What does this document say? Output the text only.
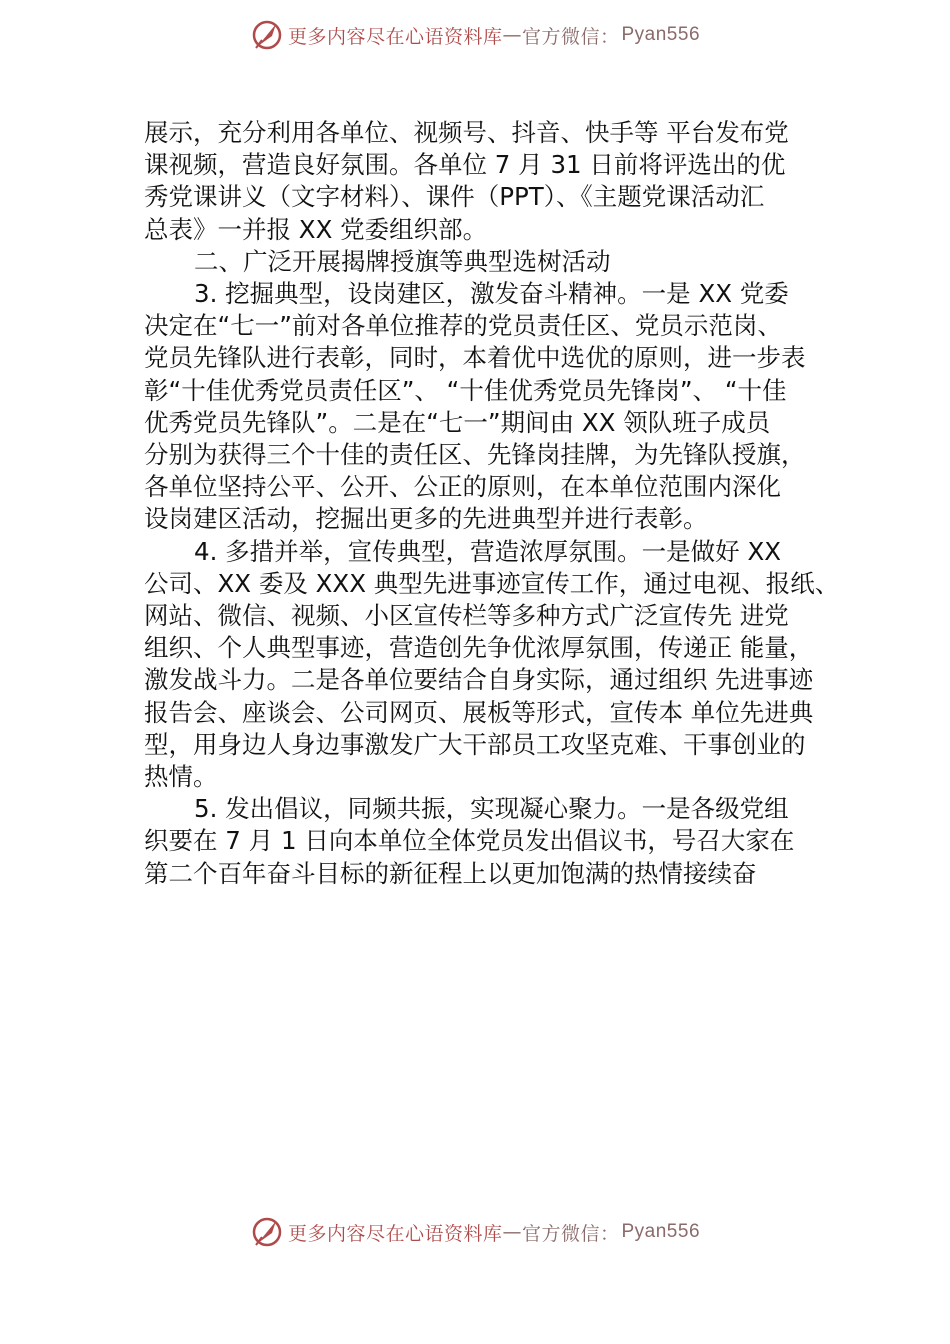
更多内容尽在心语资料库 — 官方微信： Pyan556

展示，充分利用各单位、视频号、抖音、快手等 平台发布党
课视频，营造良好氛围。各单位 7 月 31 日前将评选出的优
秀党课讲义（文字材料）、课件（PPT）、《主题党课活动汇
总表》一并报 XX 党委组织部。

二、广泛开展揭牌授旗等典型选树活动

3. 挖掘典型，设岗建区，激发奋斗精神。一是 XX 党委
决定在“七一”前对各单位推荐的党员责任区、党员示范岗、
党员先锋队进行表彰，同时，本着优中选优的原则，进一步表
彰“十佳优秀党员责任区”、 “十佳优秀党员先锋岗”、 “十佳
优秀党员先锋队”。二是在“七一”期间由 XX 领队班子成员
分别为获得三个十佳的责任区、先锋岗挂牌，为先锋队授旗，
各单位坚持公平、公开、公正的原则，在本单位范围内深化
设岗建区活动，挖掘出更多的先进典型并进行表彰。

4. 多措并举，宣传典型，营造浓厚氛围。一是做好 XX
公司、XX 委及 XXX 典型先进事迹宣传工作，通过电视、报纸、
网站、微信、视频、小区宣传栏等多种方式广泛宣传先 进党
组织、个人典型事迹，营造创先争优浓厚氛围，传递正 能量，
激发战斗力。二是各单位要结合自身实际，通过组织 先进事迹
报告会、座谈会、公司网页、展板等形式，宣传本 单位先进典
型，用身边人身边事激发广大干部员工攻坚克难、干事创业的
热情。

5. 发出倡议，同频共振，实现凝心聚力。一是各级党组
织要在 7 月 1 日向本单位全体党员发出倡议书，号召大家在
第二个百年奋斗目标的新征程上以更加饱满的热情接续奋

更多内容尽在心语资料库 — 官方微信： Pyan556
